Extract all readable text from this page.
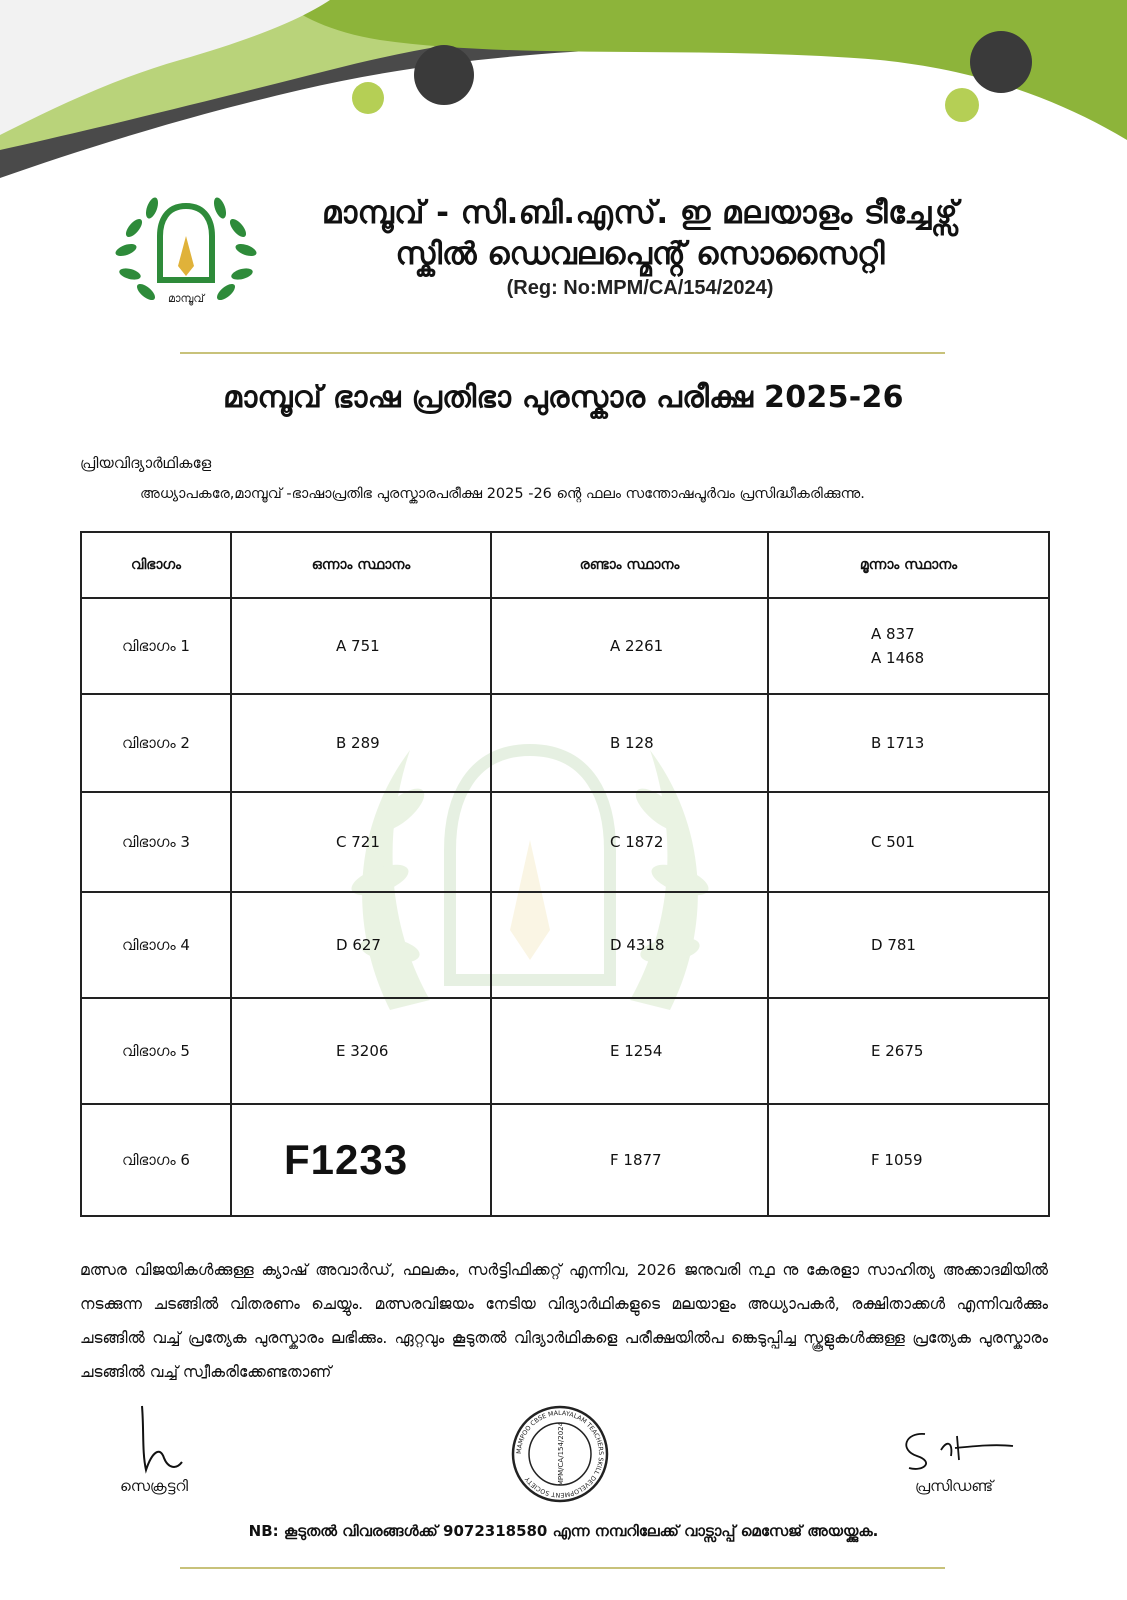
മാമ്പൂവ്
മാമ്പൂവ് - സി.ബി.എസ്. ഇ മലയാളം ടീച്ചേഴ്സ്
സ്കിൽ ഡെവലപ്മെൻ്റ് സൊസൈറ്റി
(Reg: No:MPM/CA/154/2024)
മാമ്പൂവ് ഭാഷ പ്രതിഭാ പുരസ്കാര പരീക്ഷ 2025-26
പ്രിയവിദ്യാർഥികളേ
അധ്യാപകരേ,മാമ്പൂവ് -ഭാഷാപ്രതിഭ പുരസ്കാരപരീക്ഷ 2025 -26 ന്റെ ഫലം സന്തോഷപൂർവം പ്രസിദ്ധീകരിക്കുന്നു.
വിഭാഗം	ഒന്നാം സ്ഥാനം	രണ്ടാം സ്ഥാനം	മൂന്നാം സ്ഥാനം
വിഭാഗം 1	A 751	A 2261	A 837
A 1468

വിഭാഗം 2	B 289	B 128	B 1713
വിഭാഗം 3	C 721	C 1872	C 501
വിഭാഗം 4	D 627	D 4318	D 781
വിഭാഗം 5	E 3206	E 1254	E 2675
വിഭാഗം 6	F1233	F 1877	F 1059
മത്സര വിജയികൾക്കുള്ള ക്യാഷ് അവാർഡ്, ഫലകം, സർട്ടിഫിക്കറ്റ് എന്നിവ, 2026 ജനുവരി ൩൧ നു കേരളാ സാഹിത്യ അക്കാദമിയിൽ നടക്കുന്ന ചടങ്ങിൽ വിതരണം ചെയ്യും. മത്സരവിജയം നേടിയ വിദ്യാർഥികളുടെ മലയാളം അധ്യാപകർ, രക്ഷിതാക്കൾ എന്നിവർക്കും ചടങ്ങിൽ വച്ച് പ്രത്യേക പുരസ്കാരം ലഭിക്കും. ഏറ്റവും കൂടുതൽ വിദ്യാർഥികളെ പരീക്ഷയിൽപ ങ്കെടുപ്പിച്ച സ്കൂളുകൾക്കുള്ള പ്രത്യേക പുരസ്കാരം ചടങ്ങിൽ വച്ച് സ്വീകരിക്കേണ്ടതാണ്
സെക്രട്ടറി
MAMPOO CBSE MALAYALAM TEACHERS SKILL DEVELOPMENT SOCIETY	MPM/CA/154/2024	പ്രസിഡണ്ട്
NB: കൂടുതൽ വിവരങ്ങൾക്ക് 9072318580 എന്ന നമ്പറിലേക്ക് വാട്സാപ്പ് മെസേജ് അയയ്ക്കുക.
